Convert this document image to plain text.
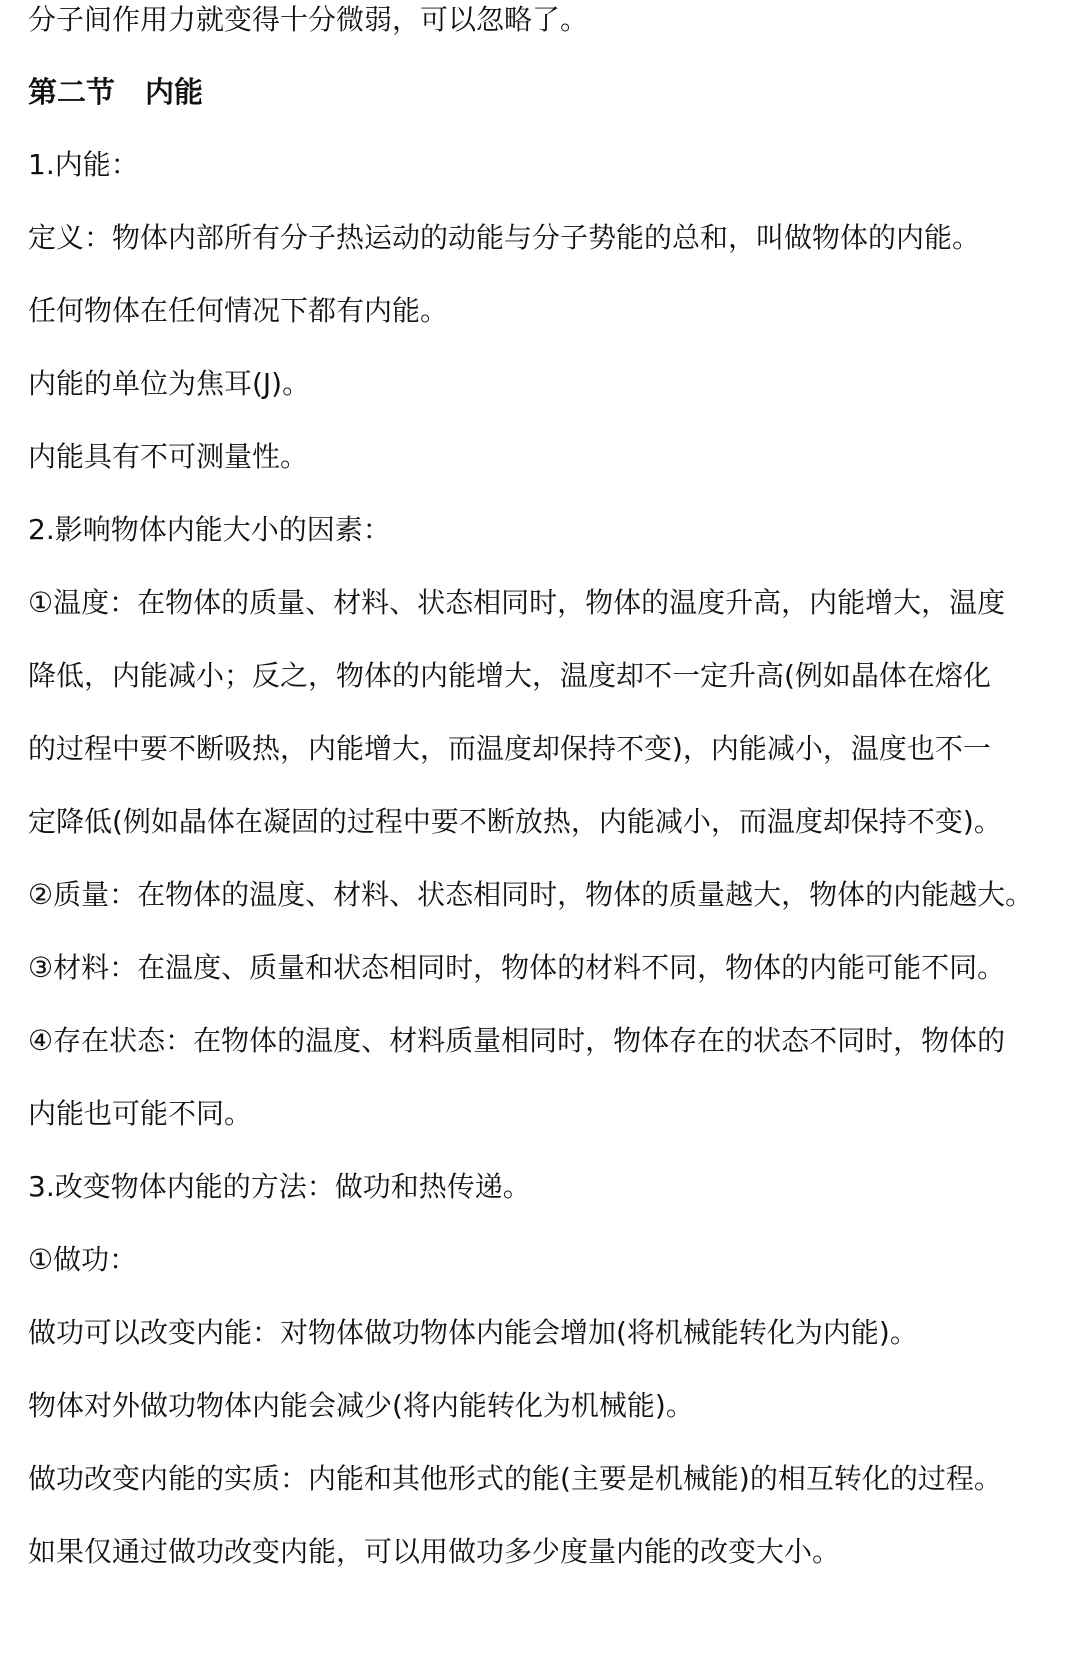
分子间作用力就变得十分微弱，可以忽略了。
第二节 内能
1.内能：
定义：物体内部所有分子热运动的动能与分子势能的总和，叫做物体的内能。
任何物体在任何情况下都有内能。
内能的单位为焦耳(J)。
内能具有不可测量性。
2.影响物体内能大小的因素：
①温度：在物体的质量、材料、状态相同时，物体的温度升高，内能增大，温度
降低，内能减小；反之，物体的内能增大，温度却不一定升高(例如晶体在熔化
的过程中要不断吸热，内能增大，而温度却保持不变)，内能减小，温度也不一
定降低(例如晶体在凝固的过程中要不断放热，内能减小，而温度却保持不变)。
②质量：在物体的温度、材料、状态相同时，物体的质量越大，物体的内能越大。
③材料：在温度、质量和状态相同时，物体的材料不同，物体的内能可能不同。
④存在状态：在物体的温度、材料质量相同时，物体存在的状态不同时，物体的
内能也可能不同。
3.改变物体内能的方法：做功和热传递。
①做功：
做功可以改变内能：对物体做功物体内能会增加(将机械能转化为内能)。
物体对外做功物体内能会减少(将内能转化为机械能)。
做功改变内能的实质：内能和其他形式的能(主要是机械能)的相互转化的过程。
如果仅通过做功改变内能，可以用做功多少度量内能的改变大小。
